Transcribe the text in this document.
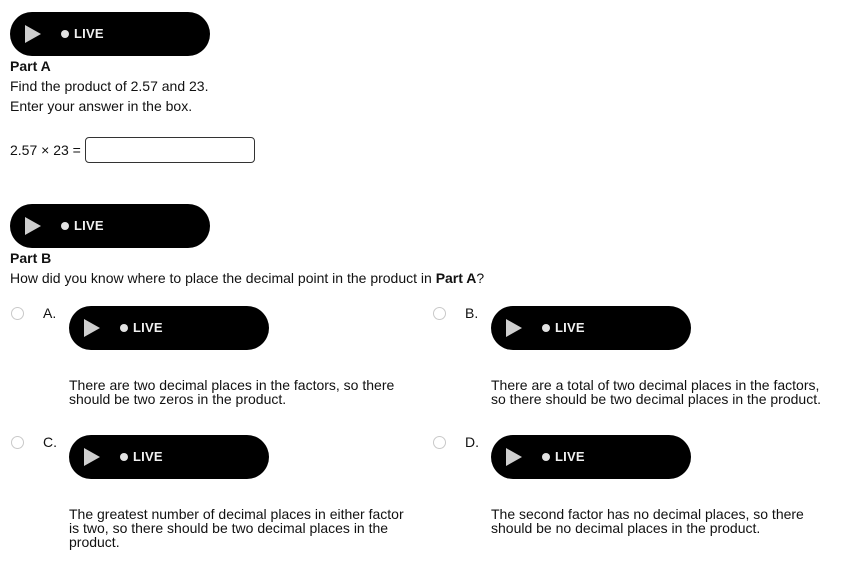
LIVE
Part A
Find the product of 2.57 and 23.
Enter your answer in the box.
2.57 × 23 =
LIVE
Part B
How did you know where to place the decimal point in the product in Part A?
A.
LIVE
There are two decimal places in the factors, so there should be two zeros in the product.
B.
LIVE
There are a total of two decimal places in the factors, so there should be two decimal places in the product.
C.
LIVE
The greatest number of decimal places in either factor is two, so there should be two decimal places in the product.
D.
LIVE
The second factor has no decimal places, so there should be no decimal places in the product.
